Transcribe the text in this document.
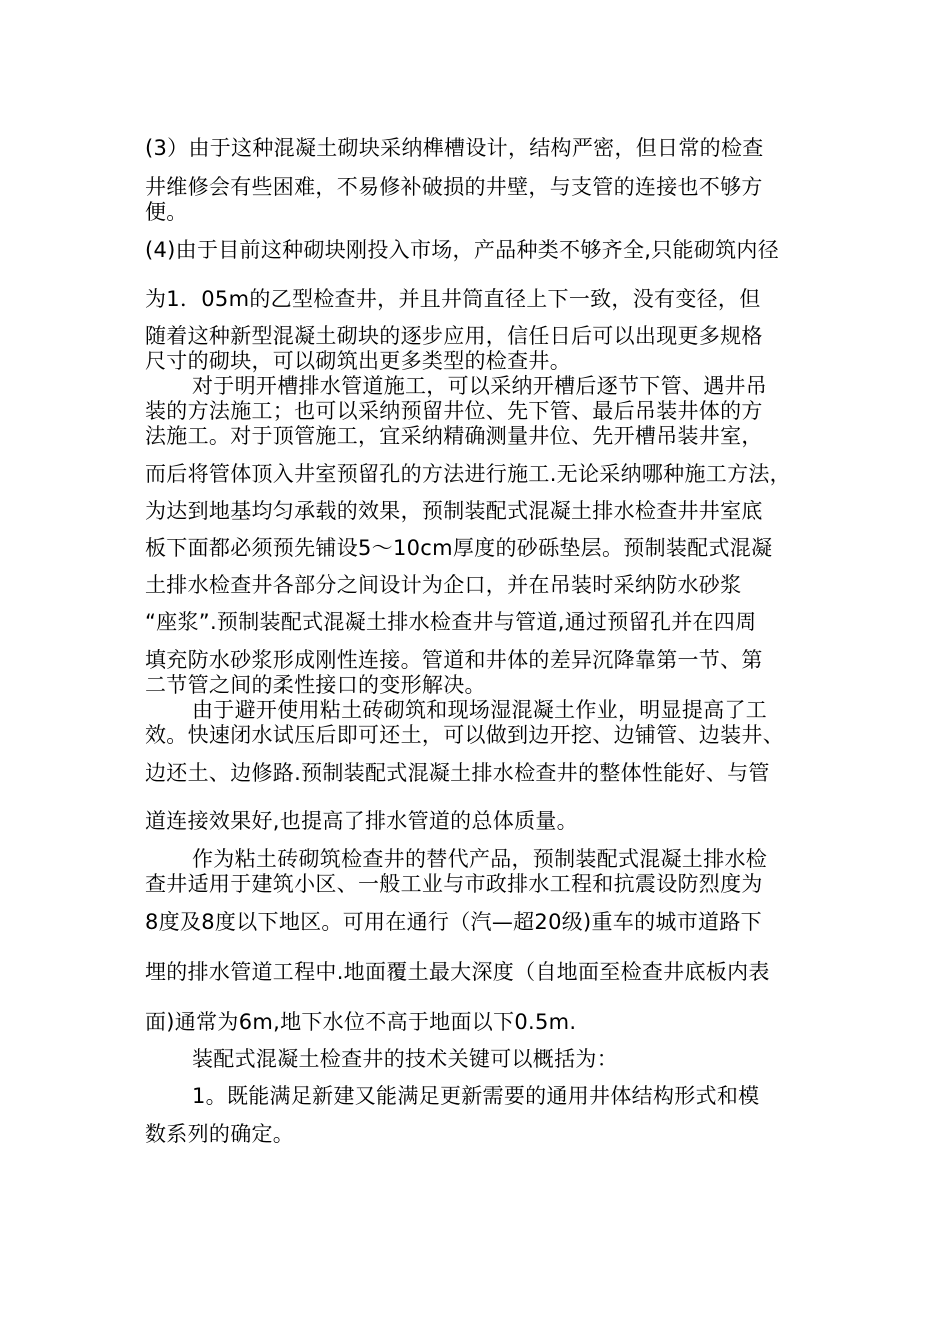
(3）由于这种混凝土砌块采纳榫槽设计，结构严密，但日常的检查
井维修会有些困难，不易修补破损的井壁，与支管的连接也不够方
便。
(4)由于目前这种砌块刚投入市场，产品种类不够齐全,只能砌筑内径
为1．05m的乙型检查井，并且井筒直径上下一致，没有变径，但
随着这种新型混凝土砌块的逐步应用，信任日后可以出现更多规格
尺寸的砌块，可以砌筑出更多类型的检查井。
对于明开槽排水管道施工，可以采纳开槽后逐节下管、遇井吊
装的方法施工；也可以采纳预留井位、先下管、最后吊装井体的方
法施工。对于顶管施工，宜采纳精确测量井位、先开槽吊装井室，
而后将管体顶入井室预留孔的方法进行施工.无论采纳哪种施工方法，
为达到地基均匀承载的效果，预制装配式混凝土排水检查井井室底
板下面都必须预先铺设5～10cm厚度的砂砾垫层。预制装配式混凝
土排水检查井各部分之间设计为企口，并在吊装时采纳防水砂浆
“座浆”.预制装配式混凝土排水检查井与管道,通过预留孔并在四周
填充防水砂浆形成刚性连接。管道和井体的差异沉降靠第一节、第
二节管之间的柔性接口的变形解决。
由于避开使用粘土砖砌筑和现场湿混凝土作业，明显提高了工
效。快速闭水试压后即可还土，可以做到边开挖、边铺管、边装井、
边还土、边修路.预制装配式混凝土排水检查井的整体性能好、与管
道连接效果好,也提高了排水管道的总体质量。
作为粘土砖砌筑检查井的替代产品，预制装配式混凝土排水检
查井适用于建筑小区、一般工业与市政排水工程和抗震设防烈度为
8度及8度以下地区。可用在通行（汽—超20级)重车的城市道路下
埋的排水管道工程中.地面覆土最大深度（自地面至检查井底板内表
面)通常为6m,地下水位不高于地面以下0.5m.
装配式混凝土检查井的技术关键可以概括为：
1。既能满足新建又能满足更新需要的通用井体结构形式和模
数系列的确定。
